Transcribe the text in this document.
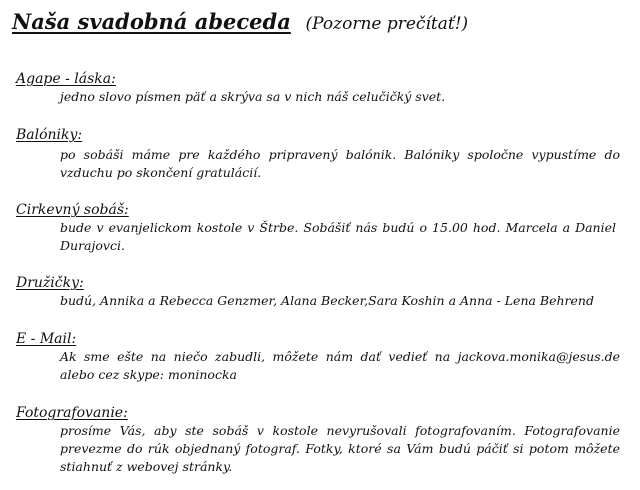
Naša svadobná abeceda (Pozorne prečítať!)
Agape - láska:
jedno slovo písmen päť a skrýva sa v nich náš celučičký svet.
Balóniky:
po sobáši máme pre každého pripravený balónik. Balóniky spoločne vypustíme do vzduchu po skončení gratulácií.
Cirkevný sobáš:
bude v evanjelickom kostole v Štrbe. Sobášiť nás budú o 15.00 hod. Marcela a Daniel Durajovci.
Družičky:
budú, Annika a Rebecca Genzmer, Alana Becker,Sara Koshin a Anna - Lena Behrend
E - Mail:
Ak sme ešte na niečo zabudli, môžete nám dať vedieť na jackova.monika@jesus.de alebo cez skype: moninocka
Fotografovanie:
prosíme Vás, aby ste sobáš v kostole nevyrušovali fotografovaním. Fotografovanie prevezme do rúk objednaný fotograf. Fotky, ktoré sa Vám budú páčiť si potom môžete stiahnuť z webovej stránky.
